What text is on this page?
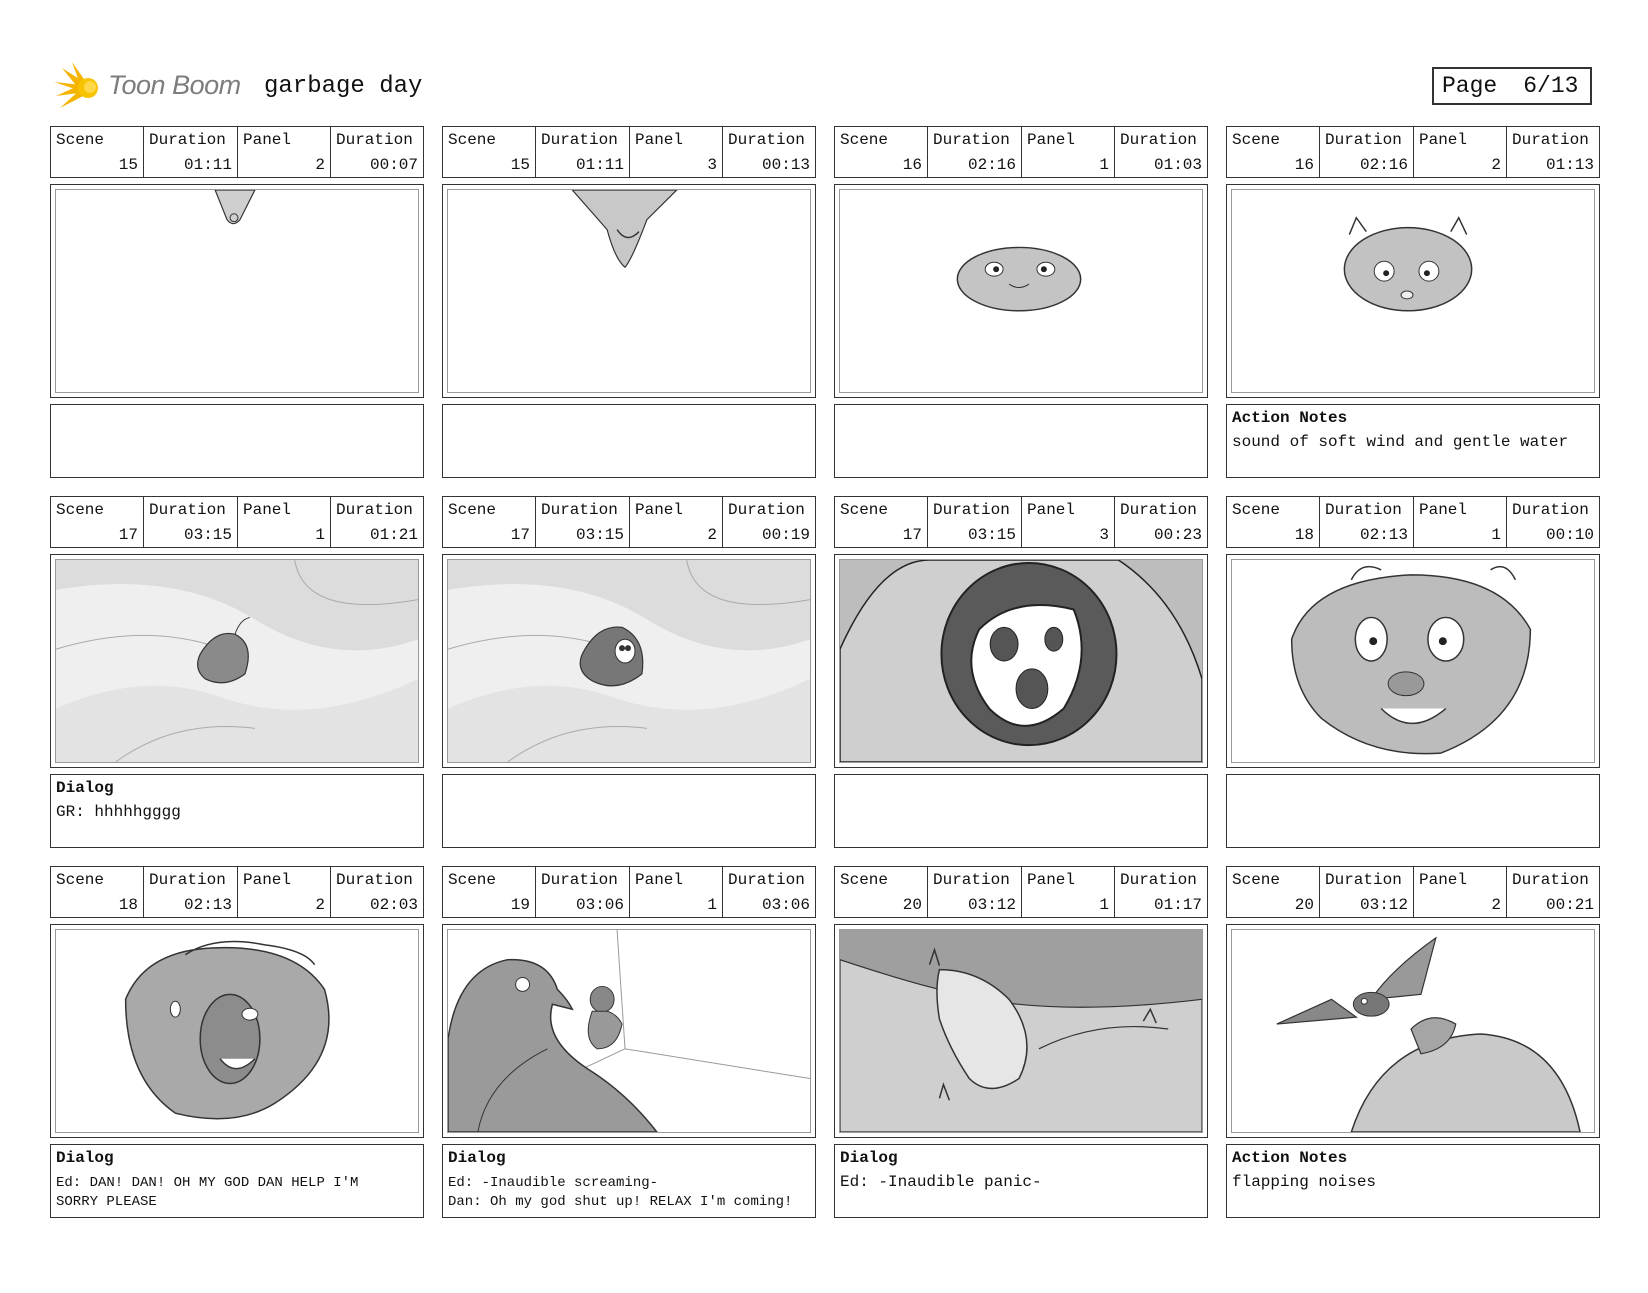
Toon Boom garbage day	Page 6/13
Scene
15
Duration
01:11
Panel
2
Duration
00:07
Scene
15
Duration
01:11
Panel
3
Duration
00:13
Scene
16
Duration
02:16
Panel
1
Duration
01:03
Scene
16
Duration
02:16
Panel
2
Duration
01:13
Action Notes
sound of soft wind and gentle water
Scene
17
Duration
03:15
Panel
1
Duration
01:21
Dialog
GR: hhhhhgggg
Scene
17
Duration
03:15
Panel
2
Duration
00:19
Scene
17
Duration
03:15
Panel
3
Duration
00:23
Scene
18
Duration
02:13
Panel
1
Duration
00:10
Scene
18
Duration
02:13
Panel
2
Duration
02:03
Dialog
Ed: DAN! DAN! OH MY GOD DAN HELP I'M
SORRY PLEASE
Scene
19
Duration
03:06
Panel
1
Duration
03:06
Dialog
Ed: -Inaudible screaming-
Dan: Oh my god shut up! RELAX I'm coming!
Scene
20
Duration
03:12
Panel
1
Duration
01:17
Dialog
Ed: -Inaudible panic-
Scene
20
Duration
03:12
Panel
2
Duration
00:21
Action Notes
flapping noises
